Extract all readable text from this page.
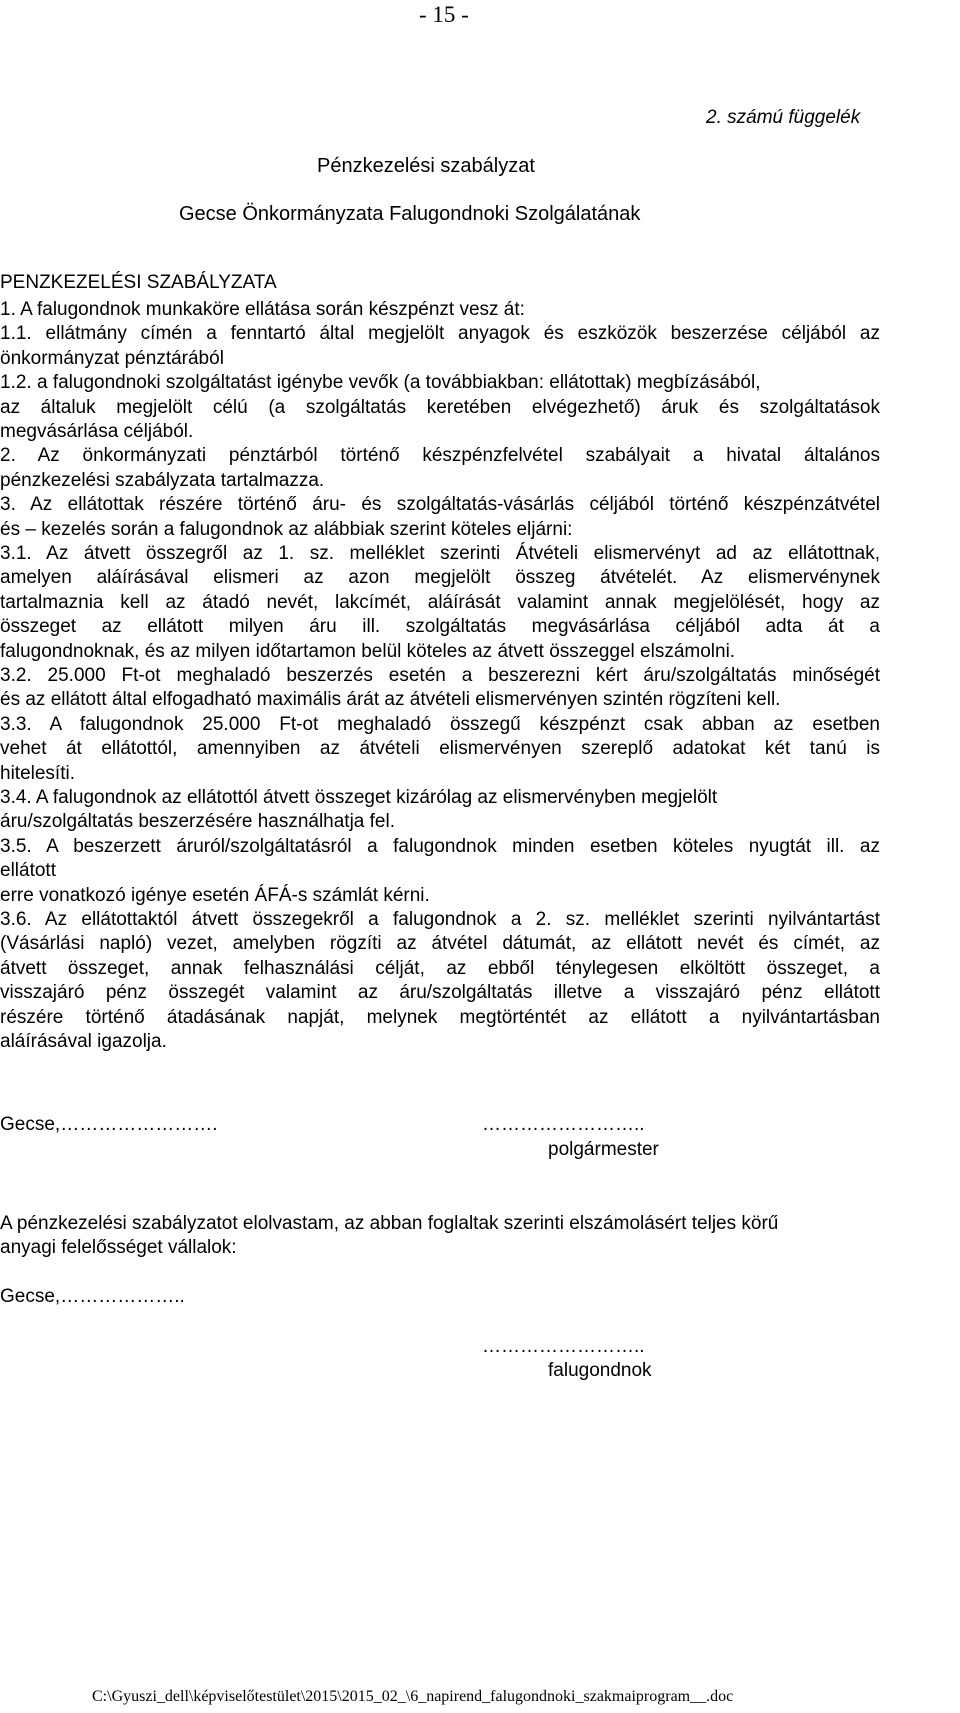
- 15 -
2. számú függelék
Pénzkezelési szabályzat
Gecse Önkormányzata Falugondnoki Szolgálatának
PENZKEZELÉSI SZABÁLYZATA
1. A falugondnok munkaköre ellátása során készpénzt vesz át:
1.1. ellátmány címén a fenntartó által megjelölt anyagok és eszközök beszerzése céljából az
önkormányzat pénztárából
1.2. a falugondnoki szolgáltatást igénybe vevők (a továbbiakban: ellátottak) megbízásából,
az általuk megjelölt célú (a szolgáltatás keretében elvégezhető) áruk és szolgáltatások
megvásárlása céljából.
2. Az önkormányzati pénztárból történő készpénzfelvétel szabályait a hivatal általános
pénzkezelési szabályzata tartalmazza.
3. Az ellátottak részére történő áru- és szolgáltatás-vásárlás céljából történő készpénzátvétel
és – kezelés során a falugondnok az alábbiak szerint köteles eljárni:
3.1. Az átvett összegről az 1. sz. melléklet szerinti Átvételi elismervényt ad az ellátottnak,
amelyen aláírásával elismeri az azon megjelölt összeg átvételét. Az elismervénynek
tartalmaznia kell az átadó nevét, lakcímét, aláírását valamint annak megjelölését, hogy az
összeget az ellátott milyen áru ill. szolgáltatás megvásárlása céljából adta át a
falugondnoknak, és az milyen időtartamon belül köteles az átvett összeggel elszámolni.
3.2. 25.000 Ft-ot meghaladó beszerzés esetén a beszerezni kért áru/szolgáltatás minőségét
és az ellátott által elfogadható maximális árát az átvételi elismervényen szintén rögzíteni kell.
3.3. A falugondnok 25.000 Ft-ot meghaladó összegű készpénzt csak abban az esetben
vehet át ellátottól, amennyiben az átvételi elismervényen szereplő adatokat két tanú is
hitelesíti.
3.4. A falugondnok az ellátottól átvett összeget kizárólag az elismervényben megjelölt
áru/szolgáltatás beszerzésére használhatja fel.
3.5. A beszerzett áruról/szolgáltatásról a falugondnok minden esetben köteles nyugtát ill. az
ellátott
erre vonatkozó igénye esetén ÁFÁ-s számlát kérni.
3.6. Az ellátottaktól átvett összegekről a falugondnok a 2. sz. melléklet szerinti nyilvántartást
(Vásárlási napló) vezet, amelyben rögzíti az átvétel dátumát, az ellátott nevét és címét, az
átvett összeget, annak felhasználási célját, az ebből ténylegesen elköltött összeget, a
visszajáró pénz összegét valamint az áru/szolgáltatás illetve a visszajáró pénz ellátott
részére történő átadásának napját, melynek megtörténtét az ellátott a nyilvántartásban
aláírásával igazolja.
Gecse,…………………….	……………………..
polgármester
A pénzkezelési szabályzatot elolvastam, az abban foglaltak szerinti elszámolásért teljes körű
anyagi felelősséget vállalok:
Gecse,………………..
……………………..
falugondnok
C:\Gyuszi_dell\képviselőtestület\2015\2015_02_\6_napirend_falugondnoki_szakmaiprogram__.doc
